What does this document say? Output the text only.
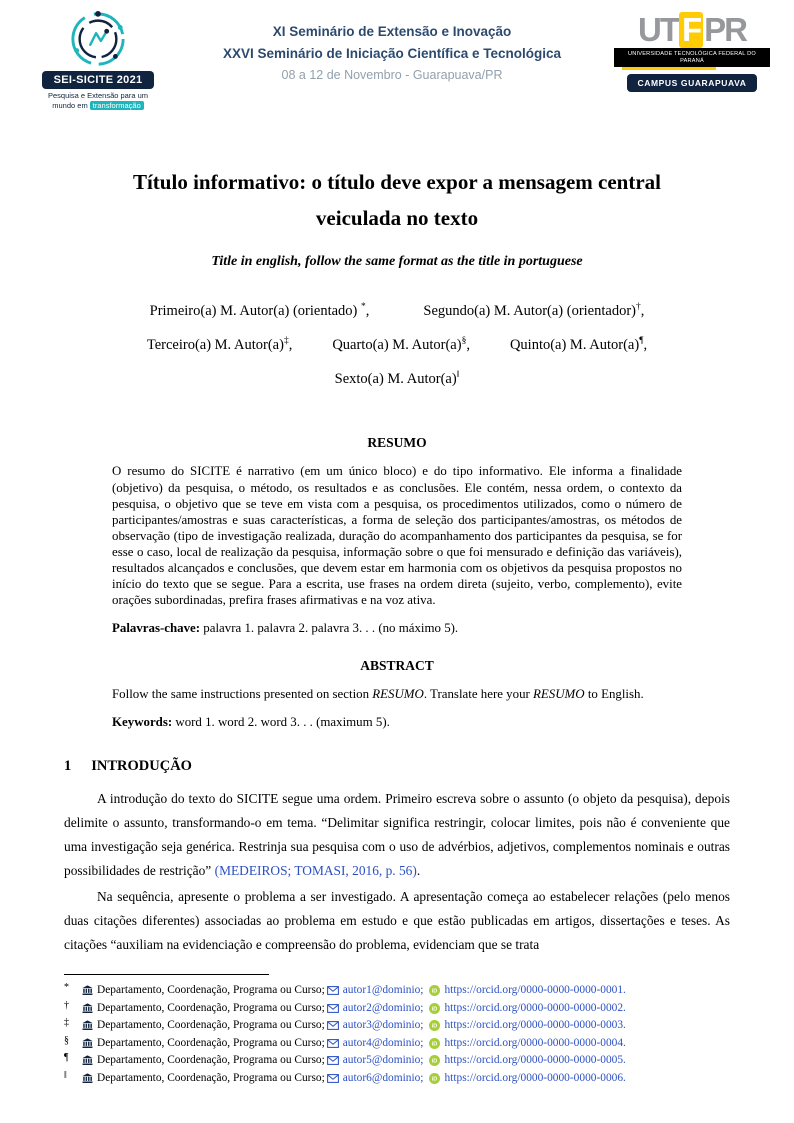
SEI-SICITE 2021
Pesquisa e Extensão para um
mundo em transformação
XI Seminário de Extensão e Inovação
XXVI Seminário de Iniciação Científica e Tecnológica
08 a 12 de Novembro - Guarapuava/PR
UT F PR
UNIVERSIDADE TECNOLÓGICA FEDERAL DO PARANÁ
CAMPUS GUARAPUAVA
Título informativo: o título deve expor a mensagem central veiculada no texto
Title in english, follow the same format as the title in portuguese
Primeiro(a) M. Autor(a) (orientado) *,	Segundo(a) M. Autor(a) (orientador)†,
Terceiro(a) M. Autor(a)‡,	Quarto(a) M. Autor(a)§,	Quinto(a) M. Autor(a)¶,
Sexto(a) M. Autor(a)‖
RESUMO

O resumo do SICITE é narrativo (em um único bloco) e do tipo informativo. Ele informa a finalidade (objetivo) da pesquisa, o método, os resultados e as conclusões. Ele contém, nessa ordem, o contexto da pesquisa, o objetivo que se teve em vista com a pesquisa, os procedimentos utilizados, como o número de participantes/amostras e suas características, a forma de seleção dos participantes/amostras, os métodos de observação (tipo de investigação realizada, duração do acompanhamento dos participantes da pesquisa, se for esse o caso, local de realização da pesquisa, informação sobre o que foi mensurado e definição das variáveis), resultados alcançados e conclusões, que devem estar em harmonia com os objetivos da pesquisa propostos no início do texto que se segue. Para a escrita, use frases na ordem direta (sujeito, verbo, complemento), evite orações subordinadas, prefira frases afirmativas e na voz ativa.

Palavras-chave: palavra 1. palavra 2. palavra 3. . . (no máximo 5).

ABSTRACT

Follow the same instructions presented on section RESUMO. Translate here your RESUMO to English.

Keywords: word 1. word 2. word 3. . . (maximum 5).

1 INTRODUÇÃO

A introdução do texto do SICITE segue uma ordem. Primeiro escreva sobre o assunto (o objeto da pesquisa), depois delimite o assunto, transformando-o em tema. “Delimitar significa restringir, colocar limites, pois não é conveniente que uma investigação seja genérica. Restrinja sua pesquisa com o uso de advérbios, adjetivos, complementos nominais e outras possibilidades de restrição” (MEDEIROS; TOMASI, 2016, p. 56).

Na sequência, apresente o problema a ser investigado. A apresentação começa ao estabelecer relações (pelo menos duas citações diferentes) associadas ao problema em estudo e que estão publicadas em artigos, dissertações e teses. As citações “auxiliam na evidenciação e compreensão do problema, evidenciam que se trata

*	Departamento, Coordenação, Programa ou Curso; autor1@dominio; iD https://orcid.org/0000-0000-0000-0001.
†	Departamento, Coordenação, Programa ou Curso; autor2@dominio; iD https://orcid.org/0000-0000-0000-0002.
‡	Departamento, Coordenação, Programa ou Curso; autor3@dominio; iD https://orcid.org/0000-0000-0000-0003.
§	Departamento, Coordenação, Programa ou Curso; autor4@dominio; iD https://orcid.org/0000-0000-0000-0004.
¶	Departamento, Coordenação, Programa ou Curso; autor5@dominio; iD https://orcid.org/0000-0000-0000-0005.
‖	Departamento, Coordenação, Programa ou Curso; autor6@dominio; iD https://orcid.org/0000-0000-0000-0006.
